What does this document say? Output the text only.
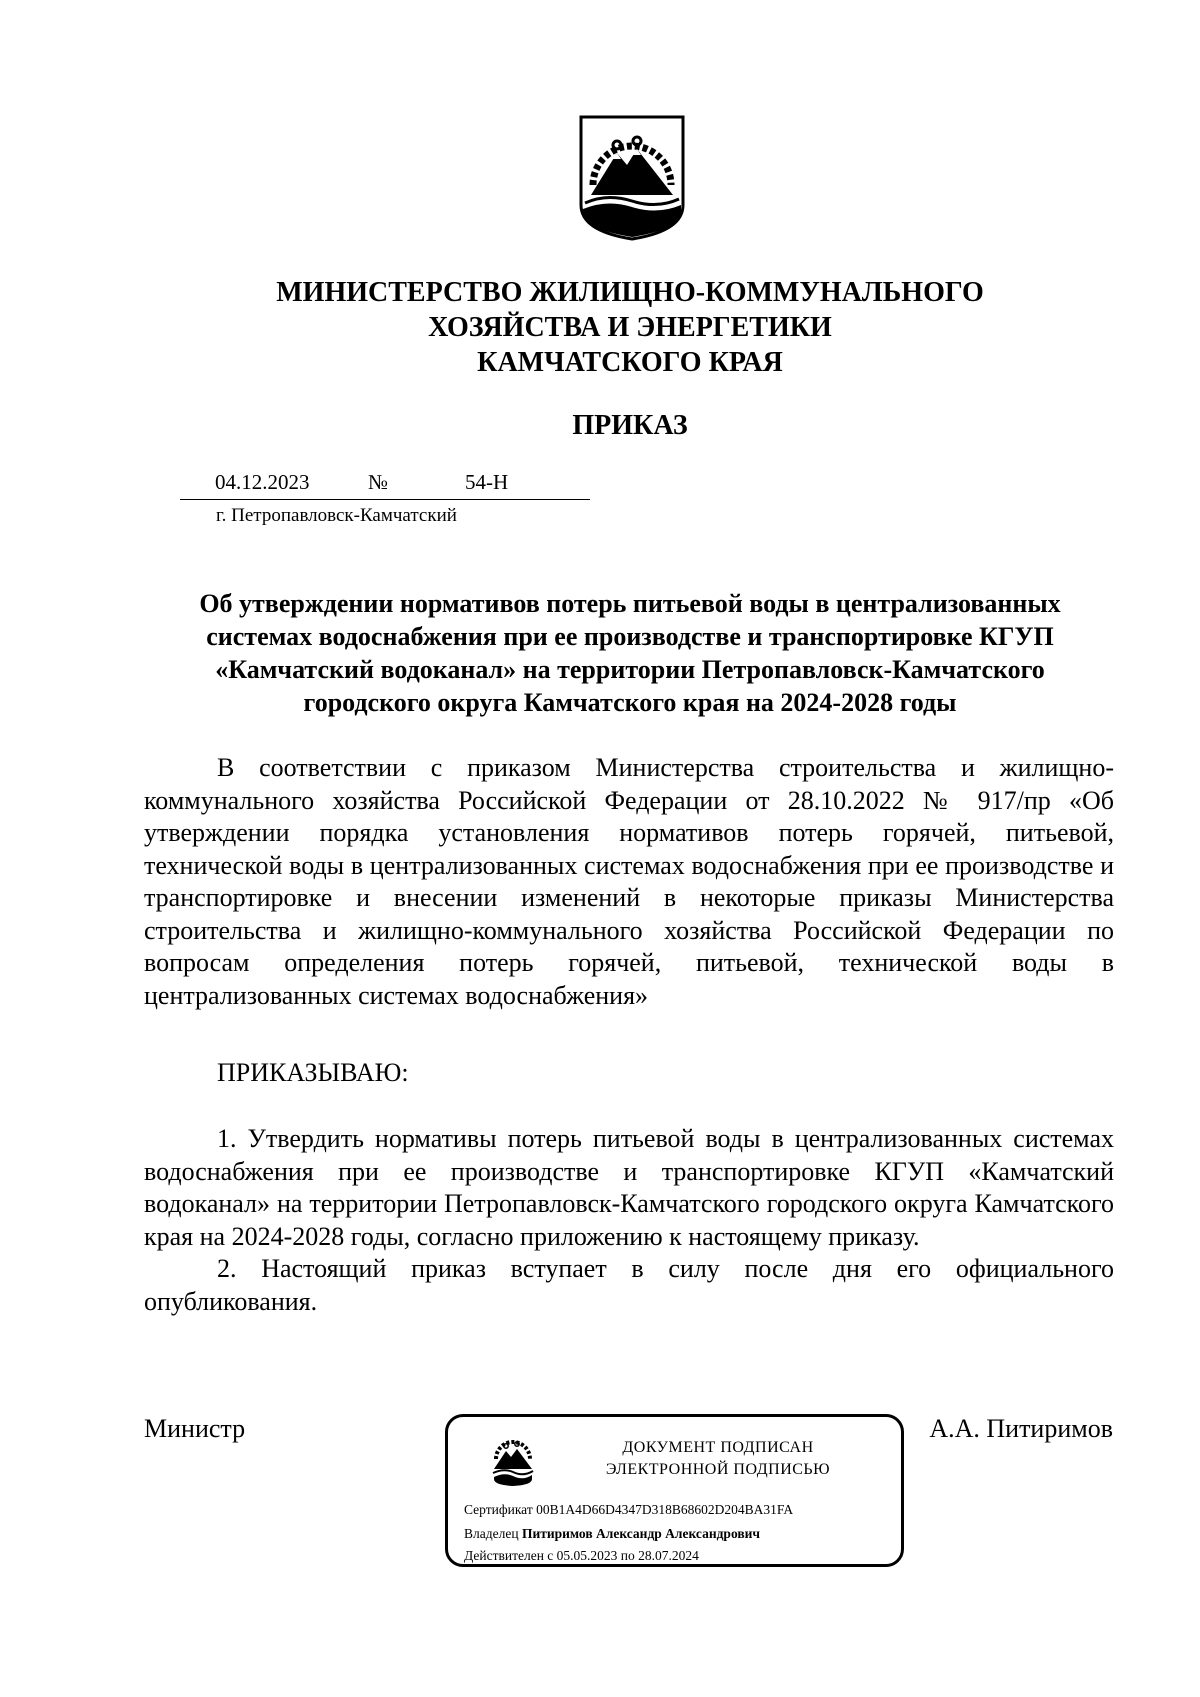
МИНИСТЕРСТВО ЖИЛИЩНО-КОММУНАЛЬНОГО
ХОЗЯЙСТВА И ЭНЕРГЕТИКИ
КАМЧАТСКОГО КРАЯ
ПРИКАЗ
04.12.2023	№	54-Н
г. Петропавловск-Камчатский
Об утверждении нормативов потерь питьевой воды в централизованных
системах водоснабжения при ее производстве и транспортировке КГУП
«Камчатский водоканал» на территории Петропавловск-Камчатского
городского округа Камчатского края на 2024-2028 годы

В соответствии с приказом Министерства строительства и жилищно-коммунального хозяйства Российской Федерации от 28.10.2022 № 917/пр «Об утверждении порядка установления нормативов потерь горячей, питьевой, технической воды в централизованных системах водоснабжения при ее производстве и транспортировке и внесении изменений в некоторые приказы Министерства строительства и жилищно-коммунального хозяйства Российской Федерации по вопросам определения потерь горячей, питьевой, технической воды в централизованных системах водоснабжения»

ПРИКАЗЫВАЮ:

1. Утвердить нормативы потерь питьевой воды в централизованных системах водоснабжения при ее производстве и транспортировке КГУП «Камчатский водоканал» на территории Петропавловск-Камчатского городского округа Камчатского края на 2024-2028 годы, согласно приложению к настоящему приказу.

2. Настоящий приказ вступает в силу после дня его официального опубликования.

Министр	А.А. Питиримов
ДОКУМЕНТ ПОДПИСАН
ЭЛЕКТРОННОЙ ПОДПИСЬЮ
Сертификат 00B1A4D66D4347D318B68602D204BA31FA
Владелец Питиримов Александр Александрович
Действителен с 05.05.2023 по 28.07.2024
